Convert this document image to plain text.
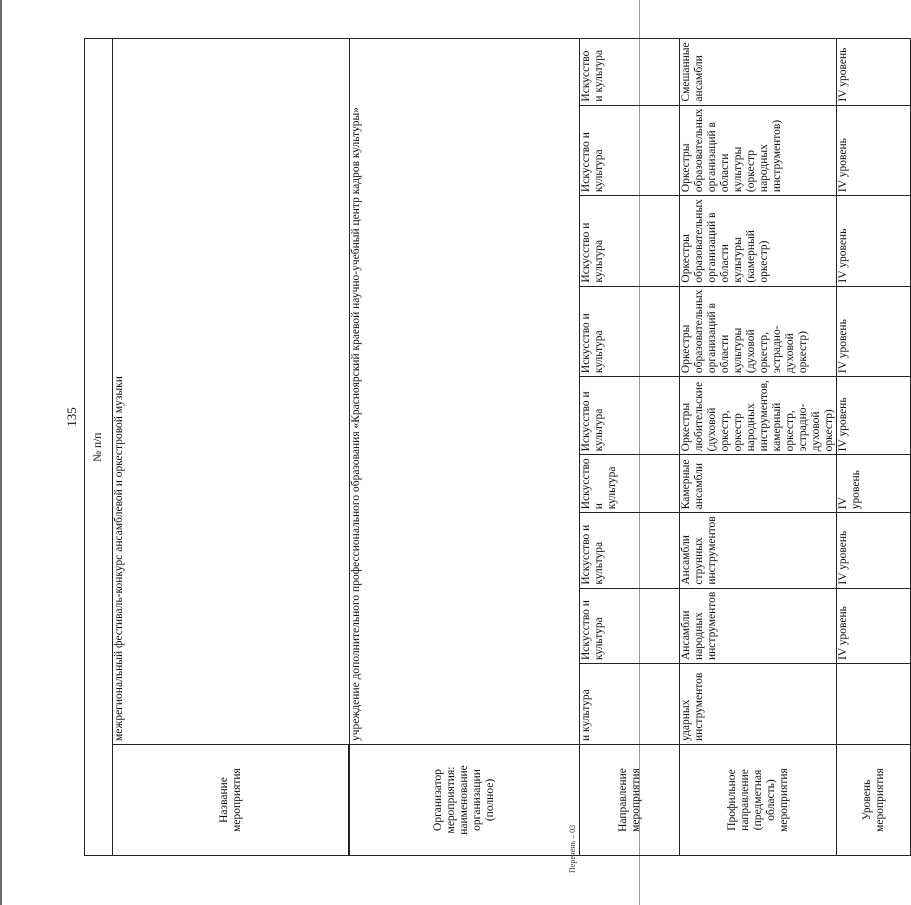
135
№ п/п									
Название мероприятия	межрегиональный фестиваль-конкурс ансамблевой и оркестровой музыки								

Организатор мероприятия: наименование организации (полное)	учреждение дополнительного профессионального образования «Красноярский краевой научно-учебный центр кадров культуры»								
Направление мероприятия	и культура	Искусство и культура	Искусство и культура	Искусство и культура	Искусство и культура	Искусство и культура	Искусство и культура	Искусство и культура	Искусство и культура
Профильное направление (предметная область) мероприятия	ударных инструментов	Ансамбли народных инструментов	Ансамбли струнных инструментов	Камерные ансамбли	Оркестры любительские (духовой оркестр, оркестр народных инструментов, камерный оркестр, эстрадно-духовой оркестр)	Оркестры образовательных организаций в области культуры (духовой оркестр, эстрадно-духовой оркестр)	Оркестры образовательных организаций в области культуры (камерный оркестр)	Оркестры образовательных организаций в области культуры (оркестр народных инструментов)	Смешанные ансамбли
Уровень мероприятия		IV уровень	IV уровень	IV уровень	IV уровень	IV уровень	IV уровень	IV уровень	IV уровень
Перечень – 03
